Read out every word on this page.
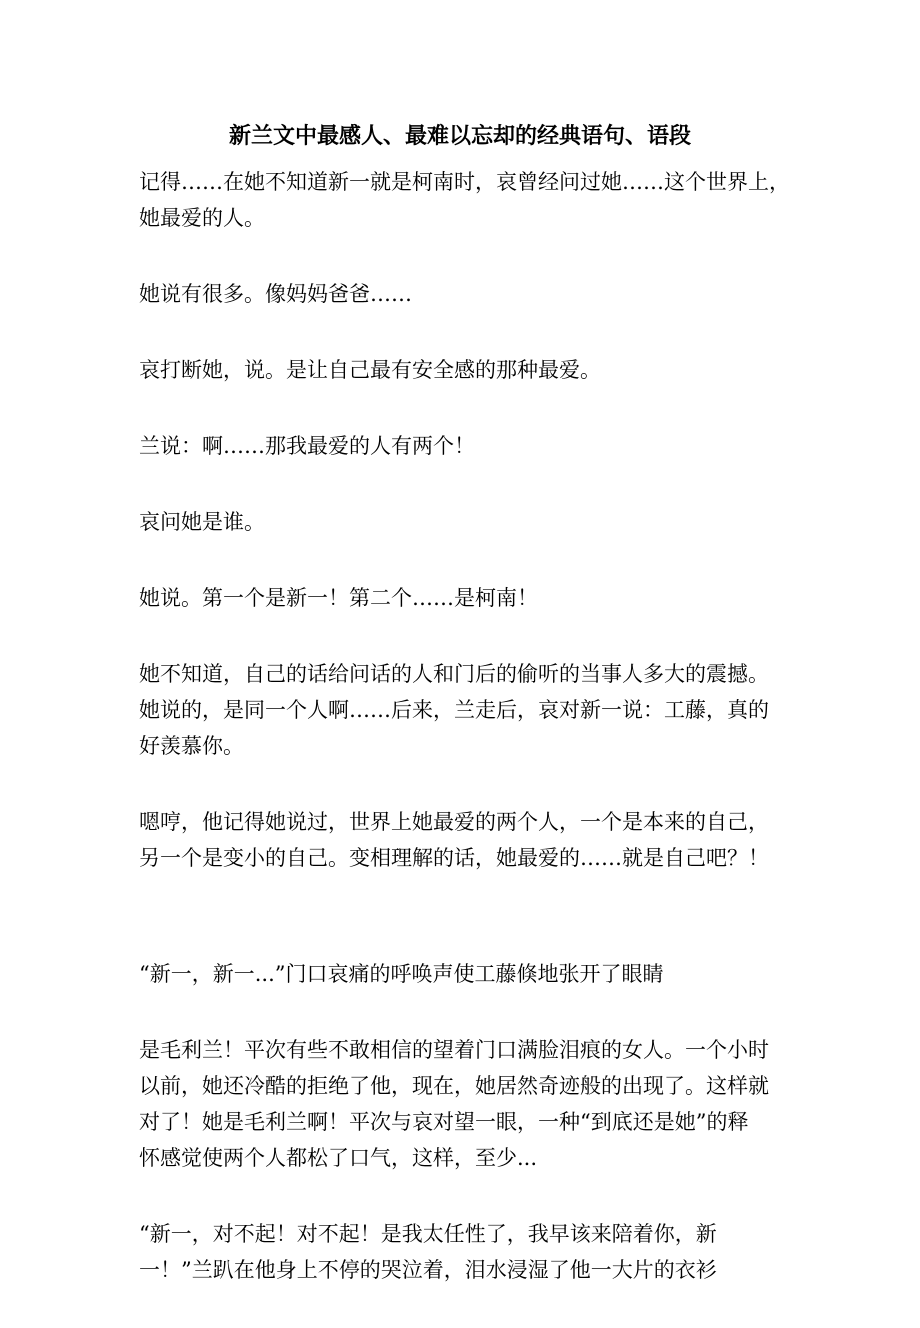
新兰文中最感人、最难以忘却的经典语句、语段
记得……在她不知道新一就是柯南时，哀曾经问过她……这个世界上，
她最爱的人。
她说有很多。像妈妈爸爸……
哀打断她，说。是让自己最有安全感的那种最爱。
兰说：啊……那我最爱的人有两个！
哀问她是谁。
她说。第一个是新一！第二个……是柯南！
她不知道，自己的话给问话的人和门后的偷听的当事人多大的震撼。
她说的，是同一个人啊……后来，兰走后，哀对新一说：工藤，真的
好羡慕你。
嗯哼，他记得她说过，世界上她最爱的两个人，一个是本来的自己，
另一个是变小的自己。变相理解的话，她最爱的……就是自己吧？！
“新一，新一...”门口哀痛的呼唤声使工藤倏地张开了眼睛
是毛利兰！平次有些不敢相信的望着门口满脸泪痕的女人。一个小时
以前，她还冷酷的拒绝了他，现在，她居然奇迹般的出现了。这样就
对了！她是毛利兰啊！平次与哀对望一眼，一种“到底还是她”的释
怀感觉使两个人都松了口气，这样，至少...
“新一，对不起！对不起！是我太任性了，我早该来陪着你，新
一！”兰趴在他身上不停的哭泣着，泪水浸湿了他一大片的衣衫
